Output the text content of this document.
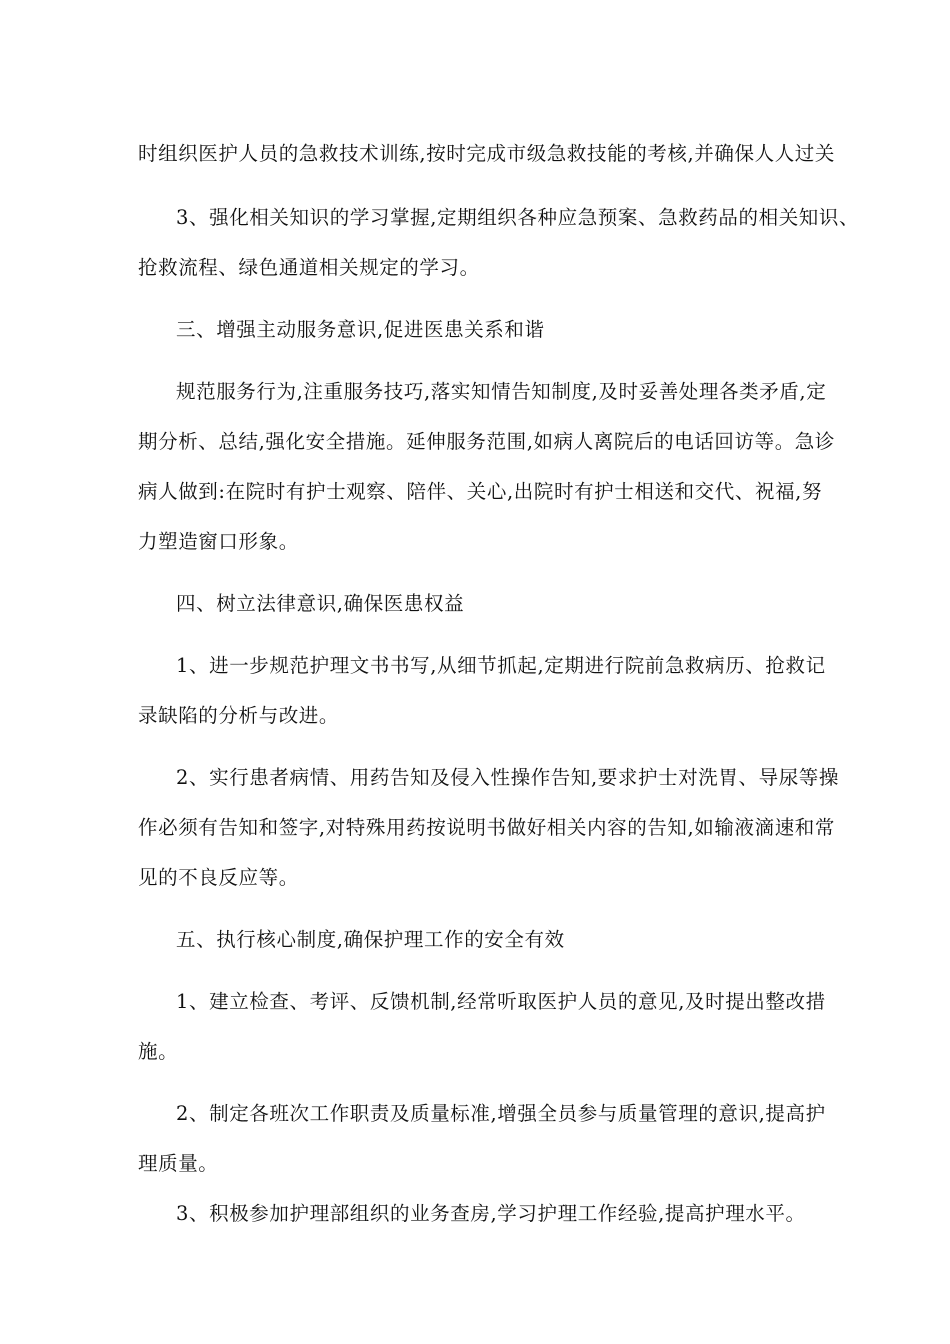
时组织医护人员的急救技术训练,按时完成市级急救技能的考核,并确保人人过关
3、强化相关知识的学习掌握,定期组织各种应急预案、急救药品的相关知识、
抢救流程、绿色通道相关规定的学习。
三、增强主动服务意识,促进医患关系和谐
规范服务行为,注重服务技巧,落实知情告知制度,及时妥善处理各类矛盾,定
期分析、总结,强化安全措施。延伸服务范围,如病人离院后的电话回访等。急诊
病人做到:在院时有护士观察、陪伴、关心,出院时有护士相送和交代、祝福,努
力塑造窗口形象。
四、树立法律意识,确保医患权益
1、进一步规范护理文书书写,从细节抓起,定期进行院前急救病历、抢救记
录缺陷的分析与改进。
2、实行患者病情、用药告知及侵入性操作告知,要求护士对洗胃、导尿等操
作必须有告知和签字,对特殊用药按说明书做好相关内容的告知,如输液滴速和常
见的不良反应等。
五、执行核心制度,确保护理工作的安全有效
1、建立检查、考评、反馈机制,经常听取医护人员的意见,及时提出整改措
施。
2、制定各班次工作职责及质量标准,增强全员参与质量管理的意识,提高护
理质量。
3、积极参加护理部组织的业务查房,学习护理工作经验,提高护理水平。
